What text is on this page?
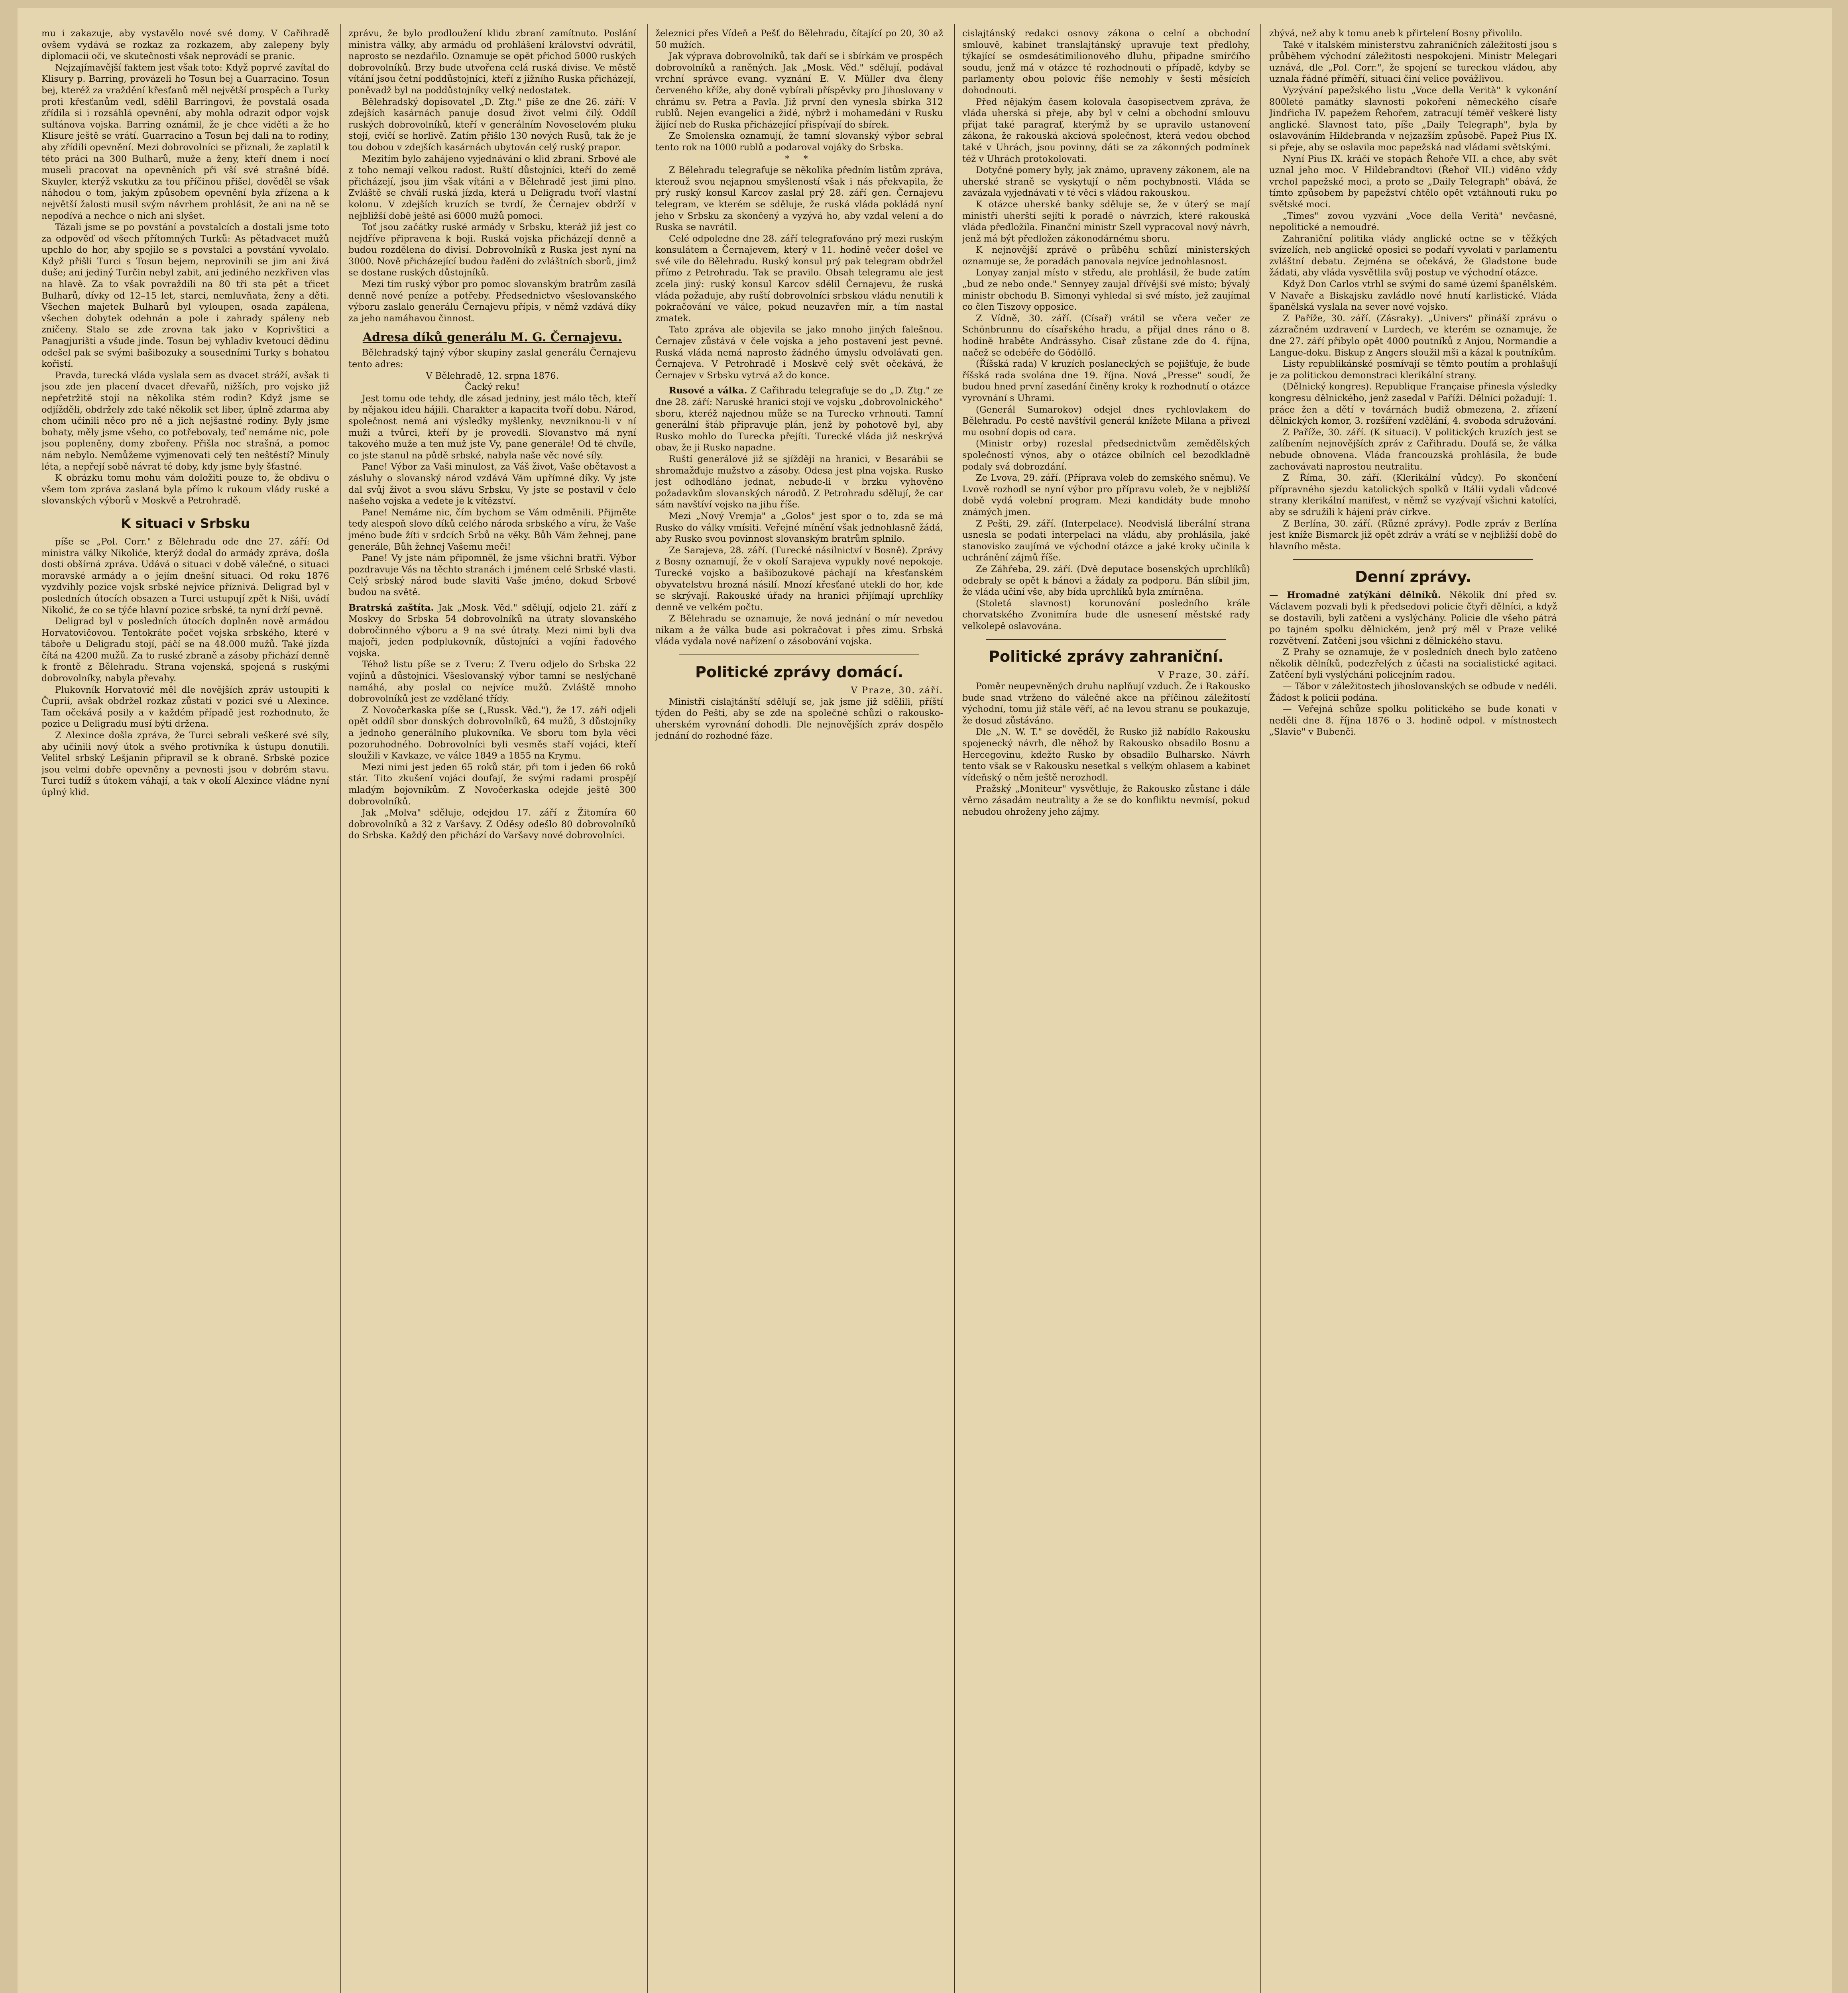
mu i zakazuje, aby vystavělo nové své domy. V Cařihradě ovšem vydává se rozkaz za rozkazem, aby zalepeny byly diplomacii oči, ve skutečnosti však neprovádí se pranic.

Nejzajímavější faktem jest však toto: Když poprvé zavítal do Klisury p. Barring, provázeli ho Tosun bej a Guarracino. Tosun bej, kteréž za vraždění křesťanů měl největší prospěch a Turky proti křesťanům vedl, sdělil Barringovi, že povstalá osada zřídila si i rozsáhlá opevnění, aby mohla odrazit odpor vojsk sultánova vojska. Barring oznámil, že je chce viděti a že ho Klisure ještě se vrátí. Guarracino a Tosun bej dali na to rodiny, aby zřídili opevnění. Mezi dobrovolníci se přiznali, že zaplatil k této práci na 300 Bulharů, muže a ženy, kteří dnem i nocí museli pracovat na opevněních při vší své strašné bídě. Skuyler, kterýž vskutku za tou příčinou přišel, dověděl se však náhodou o tom, jakým způsobem opevnění byla zřízena a k největší žalosti musil svým návrhem prohlásit, že ani na ně se nepodívá a nechce o nich ani slyšet.

Tázali jsme se po povstání a povstalcích a dostali jsme toto za odpověď od všech přítomných Turků: As pětadvacet mužů upchlo do hor, aby spojilo se s povstalci a povstání vyvolalo. Když přišli Turci s Tosun bejem, neprovinili se jim ani živá duše; ani jediný Turčin nebyl zabit, ani jediného nezkřiven vlas na hlavě. Za to však povraždili na 80 tři sta pět a třicet Bulharů, dívky od 12–15 let, starci, nemluvňata, ženy a děti. Všechen majetek Bulharů byl vyloupen, osada zapálena, všechen dobytek odehnán a pole i zahrady spáleny neb zničeny. Stalo se zde zrovna tak jako v Koprivštici a Panagjurišti a všude jinde. Tosun bej vyhladiv kvetoucí dědinu odešel pak se svými bašibozuky a sousedními Turky s bohatou kořistí.

Pravda, turecká vláda vyslala sem as dvacet stráží, avšak ti jsou zde jen placení dvacet dřevařů, nižších, pro vojsko již nepřetržitě stojí na několika stém rodin? Když jsme se odjížděli, obdržely zde také několik set liber, úplně zdarma aby chom učinili něco pro ně a jich nejšastné rodiny. Byly jsme bohaty, měly jsme všeho, co potřebovaly, teď nemáme nic, pole jsou popleněny, domy zbořeny. Přišla noc strašná, a pomoc nám nebylo. Nemůžeme vyjmenovati celý ten neštěstí? Minuly léta, a nepřejí sobě návrat té doby, kdy jsme byly šťastné.

K obrázku tomu mohu vám doložiti pouze to, že obdivu o všem tom zpráva zaslaná byla přímo k rukoum vlády ruské a slovanských výborů v Moskvě a Petrohradě.

K situaci v Srbsku

píše se „Pol. Corr." z Bělehradu ode dne 27. září: Od ministra války Nikoliće, kterýž dodal do armády zpráva, došla dosti obšírná zpráva. Udává o situaci v době válečné, o situaci moravské armády a o jejím dnešní situaci. Od roku 1876 vyzdvihly pozice vojsk srbské nejvíce příznivá. Deligrad byl v posledních útocích obsazen a Turci ustupují zpět k Niši, uvádí Nikolić, že co se týče hlavní pozice srbské, ta nyní drží pevně.

Deligrad byl v posledních útocích doplněn nově armádou Horvatovičovou. Tentokráte počet vojska srbského, které v táboře u Deligradu stojí, páčí se na 48.000 mužů. Také jízda čítá na 4200 mužů. Za to ruské zbraně a zásoby přichází denně k frontě z Bělehradu. Strana vojenská, spojená s ruskými dobrovolníky, nabyla převahy.

Plukovník Horvatović měl dle novějších zpráv ustoupiti k Čuprii, avšak obdržel rozkaz zůstati v pozici své u Alexince. Tam očekává posily a v každém případě jest rozhodnuto, že pozice u Deligradu musí býti držena.

Z Alexince došla zpráva, že Turci sebrali veškeré své síly, aby učinili nový útok a svého protivníka k ústupu donutili. Velitel srbský Lešjanin připravil se k obraně. Srbské pozice jsou velmi dobře opevněny a pevnosti jsou v dobrém stavu. Turci tudíž s útokem váhají, a tak v okolí Alexince vládne nyní úplný klid.

zprávu, že bylo prodloužení klidu zbraní zamítnuto. Poslání ministra války, aby armádu od prohlášení království odvrátil, naprosto se nezdařilo. Oznamuje se opět příchod 5000 ruských dobrovolníků. Brzy bude utvořena celá ruská divise. Ve městě vítání jsou četní poddůstojníci, kteří z jižního Ruska přicházejí, poněvadž byl na poddůstojníky velký nedostatek.

Bělehradský dopisovatel „D. Ztg." píše ze dne 26. září: V zdejších kasárnách panuje dosud život velmi čilý. Oddíl ruských dobrovolníků, kteří v generálním Novoselovém pluku stojí, cvičí se horlivě. Zatím přišlo 130 nových Rusů, tak že je tou dobou v zdejších kasárnách ubytován celý ruský prapor.

Mezitím bylo zahájeno vyjednávání o klid zbraní. Srbové ale z toho nemají velkou radost. Ruští důstojníci, kteří do země přicházejí, jsou jim však vítáni a v Bělehradě jest jimi plno. Zvláště se chválí ruská jízda, která u Deligradu tvoří vlastní kolonu. V zdejších kruzích se tvrdí, že Černajev obdrží v nejbližší době ještě asi 6000 mužů pomoci.

Toť jsou začátky ruské armády v Srbsku, kteráž již jest co nejdříve připravena k boji. Ruská vojska přicházejí denně a budou rozdělena do divisí. Dobrovolníků z Ruska jest nyní na 3000. Nově přicházející budou řaděni do zvláštních sborů, jimž se dostane ruských důstojníků.

Mezi tím ruský výbor pro pomoc slovanským bratrům zasílá denně nové peníze a potřeby. Předsednictvo všeslovanského výboru zaslalo generálu Černajevu přípis, v němž vzdává díky za jeho namáhavou činnost.

Adresa díků generálu M. G. Černajevu.

Bělehradský tajný výbor skupiny zaslal generálu Černajevu tento adres:

V Bělehradě, 12. srpna 1876.

Čacký reku!

Jest tomu ode tehdy, dle zásad jedniny, jest málo těch, kteří by nějakou ideu hájili. Charakter a kapacita tvoří dobu. Národ, společnost nemá ani výsledky myšlenky, nevzniknou-li v ní muži a tvůrci, kteří by je provedli. Slovanstvo má nyní takového muže a ten muž jste Vy, pane generále! Od té chvíle, co jste stanul na půdě srbské, nabyla naše věc nové síly.

Pane! Výbor za Vaši minulost, za Váš život, Vaše obětavost a zásluhy o slovanský národ vzdává Vám upřímné díky. Vy jste dal svůj život a svou slávu Srbsku, Vy jste se postavil v čelo našeho vojska a vedete je k vítězství.

Pane! Nemáme nic, čím bychom se Vám odměnili. Přijměte tedy alespoň slovo díků celého národa srbského a víru, že Vaše jméno bude žíti v srdcích Srbů na věky. Bůh Vám žehnej, pane generále, Bůh žehnej Vašemu meči!

Pane! Vy jste nám připomněl, že jsme všichni bratři. Výbor pozdravuje Vás na těchto stranách i jménem celé Srbské vlasti. Celý srbský národ bude slaviti Vaše jméno, dokud Srbové budou na světě.

Bratrská zaštíta. Jak „Mosk. Věd." sdělují, odjelo 21. září z Moskvy do Srbska 54 dobrovolníků na útraty slovanského dobročinného výboru a 9 na své útraty. Mezi nimi byli dva majoři, jeden podplukovník, důstojníci a vojíni řadového vojska.

Téhož listu píše se z Tveru: Z Tveru odjelo do Srbska 22 vojínů a důstojníci. Všeslovanský výbor tamní se neslýchaně namáhá, aby poslal co nejvíce mužů. Zvláště mnoho dobrovolníků jest ze vzdělané třídy.

Z Novočerkaska píše se („Russk. Věd."), že 17. září odjeli opět oddíl sbor donských dobrovolníků, 64 mužů, 3 důstojníky a jednoho generálního plukovníka. Ve sboru tom byla věci pozoruhodného. Dobrovolníci byli vesměs staří vojáci, kteří sloužili v Kavkaze, ve válce 1849 a 1855 na Krymu.

Mezi nimi jest jeden 65 roků stár, při tom i jeden 66 roků stár. Tito zkušení vojáci doufají, že svými radami prospějí mladým bojovníkům. Z Novočerkaska odejde ještě 300 dobrovolníků.

Jak „Molva" sděluje, odejdou 17. září z Žitomíra 60 dobrovolníků a 32 z Varšavy. Z Oděsy odešlo 80 dobrovolníků do Srbska. Každý den přichází do Varšavy nové dobrovolníci.

železnici přes Vídeň a Pešť do Bělehradu, čítající po 20, 30 až 50 mužích.

Jak výprava dobrovolníků, tak daří se i sbírkám ve prospěch dobrovolníků a raněných. Jak „Mosk. Věd." sdělují, podával vrchní správce evang. vyznání E. V. Müller dva členy červeného kříže, aby doně vybírali příspěvky pro Jihoslovany v chrámu sv. Petra a Pavla. Již první den vynesla sbírka 312 rublů. Nejen evangelíci a židé, nýbrž i mohamedáni v Rusku žijící neb do Ruska přicházející přispívají do sbírek.

Ze Smolenska oznamují, že tamní slovanský výbor sebral tento rok na 1000 rublů a podaroval vojáky do Srbska.

* *

Z Bělehradu telegrafuje se několika předním listům zpráva, kterouž svou nejapnou smyšleností však i nás překvapila, že prý ruský konsul Karcov zaslal prý 28. září gen. Černajevu telegram, ve kterém se sděluje, že ruská vláda pokládá nyní jeho v Srbsku za skončený a vyzývá ho, aby vzdal velení a do Ruska se navrátil.

Celé odpoledne dne 28. září telegrafováno prý mezi ruským konsulátem a Černajevem, který v 11. hodině večer došel ve své vile do Bělehradu. Ruský konsul prý pak telegram obdržel přímo z Petrohradu. Tak se pravilo. Obsah telegramu ale jest zcela jiný: ruský konsul Karcov sdělil Černajevu, že ruská vláda požaduje, aby ruští dobrovolníci srbskou vládu nenutili k pokračování ve válce, pokud neuzavřen mír, a tím nastal zmatek.

Tato zpráva ale objevila se jako mnoho jiných falešnou. Černajev zůstává v čele vojska a jeho postavení jest pevné. Ruská vláda nemá naprosto žádného úmyslu odvolávati gen. Černajeva. V Petrohradě i Moskvě celý svět očekává, že Černajev v Srbsku vytrvá až do konce.

Rusové a válka. Z Cařihradu telegrafuje se do „D. Ztg." ze dne 28. září: Naruské hranici stojí ve vojsku „dobrovolnického" sboru, kteréž najednou může se na Turecko vrhnouti. Tamní generální štáb připravuje plán, jenž by pohotově byl, aby Rusko mohlo do Turecka přejíti. Turecké vláda již neskrývá obav, že ji Rusko napadne.

Ruští generálové již se sjíždějí na hranici, v Besarábii se shromažďuje mužstvo a zásoby. Odesa jest plna vojska. Rusko jest odhodláno jednat, nebude-li v brzku vyhověno požadavkům slovanských národů. Z Petrohradu sdělují, že car sám navštíví vojsko na jihu říše.

Mezi „Nový Vremja" a „Golos" jest spor o to, zda se má Rusko do války vmísiti. Veřejné mínění však jednohlasně žádá, aby Rusko svou povinnost slovanským bratrům splnilo.

Ze Sarajeva, 28. září. (Turecké násilnictví v Bosně). Zprávy z Bosny oznamují, že v okolí Sarajeva vypukly nové nepokoje. Turecké vojsko a bašibozukové páchají na křesťanském obyvatelstvu hrozná násilí. Mnozí křesťané utekli do hor, kde se skrývají. Rakouské úřady na hranici přijímají uprchlíky denně ve velkém počtu.

Z Bělehradu se oznamuje, že nová jednání o mír nevedou nikam a že válka bude asi pokračovat i přes zimu. Srbská vláda vydala nové nařízení o zásobování vojska.

Politické zprávy domácí.

V Praze, 30. září.

Ministři cislajtánští sdělují se, jak jsme již sdělili, příští týden do Pešti, aby se zde na společné schůzi o rakousko-uherském vyrovnání dohodli. Dle nejnovějších zpráv dospělo jednání do rozhodné fáze.

cislajtánský redakci osnovy zákona o celní a obchodní smlouvě, kabinet translajtánský upravuje text předlohy, týkající se osmdesátimilionového dluhu, připadne smírčího soudu, jenž má v otázce té rozhodnouti o případě, kdyby se parlamenty obou polovic říše nemohly v šesti měsících dohodnouti.

Před nějakým časem kolovala časopisectvem zpráva, že vláda uherská si přeje, aby byl v celní a obchodní smlouvu přijat také paragraf, kterýmž by se upravilo ustanovení zákona, že rakouská akciová společnost, která vedou obchod také v Uhrách, jsou povinny, dáti se za zákonných podmínek též v Uhrách protokolovati.

Dotyčné pomery byly, jak známo, upraveny zákonem, ale na uherské straně se vyskytují o něm pochybnosti. Vláda se zavázala vyjednávati v té věci s vládou rakouskou.

K otázce uherské banky sděluje se, že v úterý se mají ministři uherští sejíti k poradě o návrzích, které rakouská vláda předložila. Finanční ministr Szell vypracoval nový návrh, jenž má být předložen zákonodárnému sboru.

K nejnovější zprávě o průběhu schůzí ministerských oznamuje se, že poradách panovala nejvíce jednohlasnost.

Lonyay zanjal místo v středu, ale prohlásil, že bude zatím „bud ze nebo onde." Sennyey zaujal dřívější své místo; bývalý ministr obchodu B. Simonyi vyhledal si své místo, jež zaujímal co člen Tiszovy opposice.

Z Vídně, 30. září. (Císař) vrátil se včera večer ze Schönbrunnu do císařského hradu, a přijal dnes ráno o 8. hodině hraběte Andrássyho. Císař zůstane zde do 4. října, načež se odebéře do Gödöllő.

(Říšská rada) V kruzích poslaneckých se pojišťuje, že bude říšská rada svolána dne 19. října. Nová „Presse" soudí, že budou hned první zasedání činěny kroky k rozhodnutí o otázce vyrovnání s Uhrami.

(Generál Sumarokov) odejel dnes rychlovlakem do Bělehradu. Po cestě navštívil generál knížete Milana a přivezl mu osobní dopis od cara.

(Ministr orby) rozeslal předsednictvům zemědělských společností výnos, aby o otázce obilních cel bezodkladně podaly svá dobrozdání.

Ze Lvova, 29. září. (Příprava voleb do zemského sněmu). Ve Lvově rozhodl se nyní výbor pro přípravu voleb, že v nejbližší době vydá volební program. Mezi kandidáty bude mnoho známých jmen.

Z Pešti, 29. září. (Interpelace). Neodvislá liberální strana usnesla se podati interpelaci na vládu, aby prohlásila, jaké stanovisko zaujímá ve východní otázce a jaké kroky učinila k uchránění zájmů říše.

Ze Záhřeba, 29. září. (Dvě deputace bosenských uprchlíků) odebraly se opět k bánovi a žádaly za podporu. Bán slíbil jim, že vláda učiní vše, aby bída uprchlíků byla zmírněna.

(Stoletá slavnost) korunování posledního krále chorvatského Zvonimíra bude dle usnesení městské rady velkolepě oslavována.

Politické zprávy zahraniční.

V Praze, 30. září.

Poměr neupevněných druhu naplňují vzduch. Že i Rakousko bude snad vtrženo do válečné akce na příčinou záležitostí východní, tomu již stále věří, ač na levou stranu se poukazuje, že dosud zůstáváno.

Dle „N. W. T." se dověděl, že Rusko již nabídlo Rakousku spojenecký návrh, dle něhož by Rakousko obsadilo Bosnu a Hercegovinu, kdežto Rusko by obsadilo Bulharsko. Návrh tento však se v Rakousku nesetkal s velkým ohlasem a kabinet vídeňský o něm ještě nerozhodl.

Pražský „Moniteur" vysvětluje, že Rakousko zůstane i dále věrno zásadám neutrality a že se do konfliktu nevmísí, pokud nebudou ohroženy jeho zájmy.

zbývá, než aby k tomu aneb k přirtelení Bosny přivolilo.

Také v italském ministerstvu zahraničních záležitostí jsou s průběhem východní záležitosti nespokojeni. Ministr Melegari uznává, dle „Pol. Corr.", že spojení se tureckou vládou, aby uznala řádné příměří, situaci činí velice povážlivou.

Vyzývání papežského listu „Voce della Verità" k vykonání 800leté památky slavnosti pokoření německého císaře Jindřicha IV. papežem Řehořem, zatracují téměř veškeré listy anglické. Slavnost tato, píše „Daily Telegraph", byla by oslavováním Hildebranda v nejzazším způsobě. Papež Pius IX. si přeje, aby se oslavila moc papežská nad vládami světskými.

Nyní Pius IX. kráčí ve stopách Řehoře VII. a chce, aby svět uznal jeho moc. V Hildebrandtovi (Řehoř VII.) viděno vždy vrchol papežské moci, a proto se „Daily Telegraph" obává, že tímto způsobem by papežství chtělo opět vztáhnouti ruku po světské moci.

„Times" zovou vyzvání „Voce della Verità" nevčasné, nepolitické a nemoudré.

Zahraniční politika vlády anglické octne se v těžkých svízelích, neb anglické oposici se podaří vyvolati v parlamentu zvláštní debatu. Zejména se očekává, že Gladstone bude žádati, aby vláda vysvětlila svůj postup ve východní otázce.

Když Don Carlos vtrhl se svými do samé území španělském. V Navaře a Biskajsku zavládlo nové hnutí karlistické. Vláda španělská vyslala na sever nové vojsko.

Z Paříže, 30. září. (Zásraky). „Univers" přináší zprávu o zázračném uzdravení v Lurdech, ve kterém se oznamuje, že dne 27. září přibylo opět 4000 poutníků z Anjou, Normandie a Langue-doku. Biskup z Angers sloužil mši a kázal k poutníkům.

Listy republikánské posmívají se těmto poutím a prohlašují je za politickou demonstraci klerikální strany.

(Dělnický kongres). Republique Française přinesla výsledky kongresu dělnického, jenž zasedal v Paříži. Dělníci požadují: 1. práce žen a dětí v továrnách budiž obmezena, 2. zřízení dělnických komor, 3. rozšíření vzdělání, 4. svoboda sdružování.

Z Paříže, 30. září. (K situaci). V politických kruzích jest se zalíbením nejnovějších zpráv z Cařihradu. Doufá se, že válka nebude obnovena. Vláda francouzská prohlásila, že bude zachovávati naprostou neutralitu.

Z Říma, 30. září. (Klerikální vůdcy). Po skončení přípravného sjezdu katolických spolků v Itálii vydali vůdcové strany klerikální manifest, v němž se vyzývají všichni katolíci, aby se sdružili k hájení práv církve.

Z Berlína, 30. září. (Různé zprávy). Podle zpráv z Berlína jest kníže Bismarck již opět zdráv a vrátí se v nejbližší době do hlavního města.

Denní zprávy.

— Hromadné zatýkání dělníků. Několik dní před sv. Václavem pozvali byli k předsedovi policie čtyři dělníci, a když se dostavili, byli zatčeni a vyslýchány. Policie dle všeho pátrá po tajném spolku dělnickém, jenž prý měl v Praze veliké rozvětvení. Zatčeni jsou všichni z dělnického stavu.

Z Prahy se oznamuje, že v posledních dnech bylo zatčeno několik dělníků, podezřelých z účasti na socialistické agitaci. Zatčení byli vyslýcháni policejním radou.

— Tábor v záležitostech jihoslovanských se odbude v neděli. Žádost k policii podána.

— Veřejná schůze spolku politického se bude konati v neděli dne 8. října 1876 o 3. hodině odpol. v místnostech „Slavie" v Bubenči.
